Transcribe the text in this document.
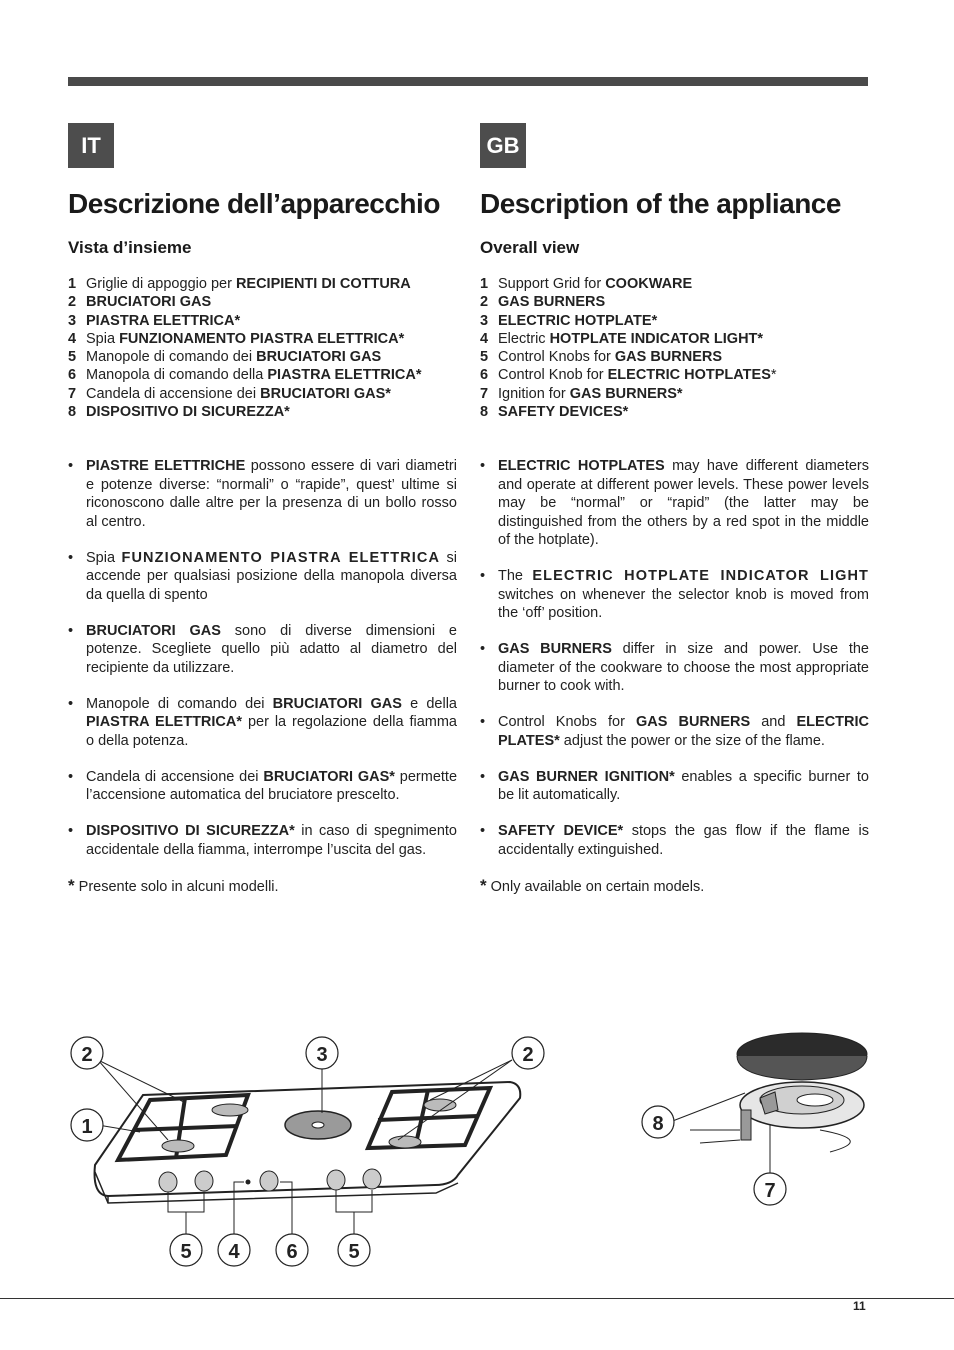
IT	GB
Descrizione dell’apparecchio
Vista d’insieme
1 Griglie di appoggio per RECIPIENTI DI COTTURA
2 BRUCIATORI GAS
3 PIASTRA ELETTRICA*
4 Spia FUNZIONAMENTO PIASTRA ELETTRICA*
5 Manopole di comando dei BRUCIATORI GAS
6 Manopola di comando della PIASTRA ELETTRICA*
7 Candela di accensione dei BRUCIATORI GAS*
8 DISPOSITIVO DI SICUREZZA*
• PIASTRE ELETTRICHE possono essere di vari diametri e potenze diverse: “normali” o “rapide”, quest’ ultime si riconoscono dalle altre per la presenza di un bollo rosso al centro.
• Spia FUNZIONAMENTO PIASTRA ELETTRICA si accende per qualsiasi posizione della manopola diversa da quella di spento
• BRUCIATORI GAS sono di diverse dimensioni e potenze. Scegliete quello più adatto al diametro del recipiente da utilizzare.
• Manopole di comando dei BRUCIATORI GAS e della PIASTRA ELETTRICA* per la regolazione della fiamma o della potenza.
• Candela di accensione dei BRUCIATORI GAS* permette l’accensione automatica del bruciatore prescelto.
• DISPOSITIVO DI SICUREZZA* in caso di spegnimento accidentale della fiamma, interrompe l’uscita del gas.
* Presente solo in alcuni modelli.
Description of the appliance
Overall view
1 Support Grid for COOKWARE
2 GAS BURNERS
3 ELECTRIC HOTPLATE*
4 Electric HOTPLATE INDICATOR LIGHT*
5 Control Knobs for GAS BURNERS
6 Control Knob for ELECTRIC HOTPLATES*
7 Ignition for GAS BURNERS*
8 SAFETY DEVICES*
• ELECTRIC HOTPLATES may have different diameters and operate at different power levels. These power levels may be “normal” or “rapid” (the latter may be distinguished from the others by a red spot in the middle of the hotplate).
• The ELECTRIC HOTPLATE INDICATOR LIGHT switches on whenever the selector knob is moved from the ‘off’ position.
• GAS BURNERS differ in size and power. Use the diameter of the cookware to choose the most appropriate burner to cook with.
• Control Knobs for GAS BURNERS and ELECTRIC PLATES* adjust the power or the size of the flame.
• GAS BURNER IGNITION* enables a specific burner to be lit automatically.
• SAFETY DEVICE* stops the gas flow if the flame is accidentally extinguished.
* Only available on certain models.
2
1
3	2
5 4 6	5
8
7
11
